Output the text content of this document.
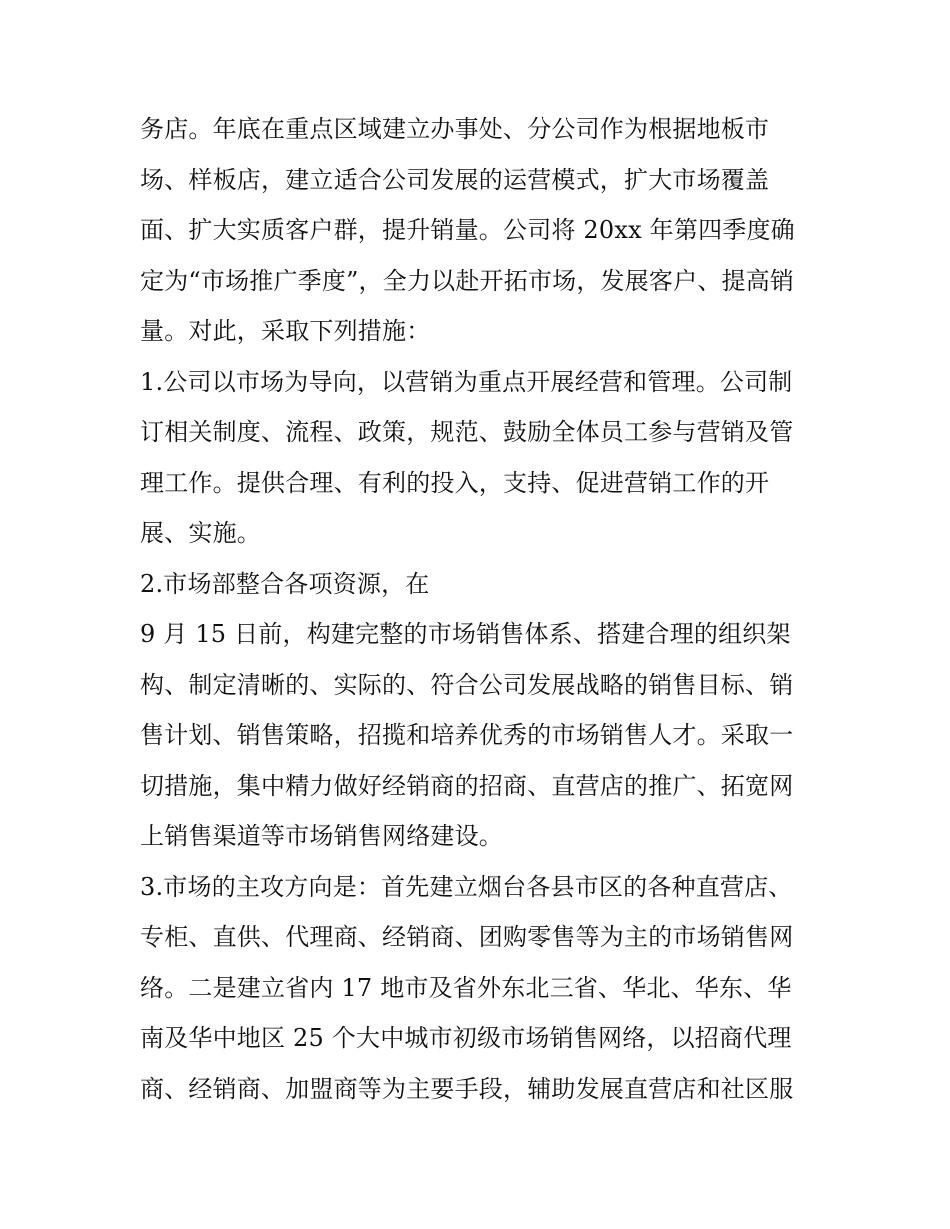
务店。年底在重点区域建立办事处、分公司作为根据地板市
场、样板店，建立适合公司发展的运营模式，扩大市场覆盖
面、扩大实质客户群，提升销量。公司将 20xx 年第四季度确
定为“市场推广季度”，全力以赴开拓市场，发展客户、提高销
量。对此，采取下列措施：
1.公司以市场为导向，以营销为重点开展经营和管理。公司制
订相关制度、流程、政策，规范、鼓励全体员工参与营销及管
理工作。提供合理、有利的投入，支持、促进营销工作的开
展、实施。
2.市场部整合各项资源，在
9 月 15 日前，构建完整的市场销售体系、搭建合理的组织架
构、制定清晰的、实际的、符合公司发展战略的销售目标、销
售计划、销售策略，招揽和培养优秀的市场销售人才。采取一
切措施，集中精力做好经销商的招商、直营店的推广、拓宽网
上销售渠道等市场销售网络建设。
3.市场的主攻方向是：首先建立烟台各县市区的各种直营店、
专柜、直供、代理商、经销商、团购零售等为主的市场销售网
络。二是建立省内 17 地市及省外东北三省、华北、华东、华
南及华中地区 25 个大中城市初级市场销售网络，以招商代理
商、经销商、加盟商等为主要手段，辅助发展直营店和社区服
